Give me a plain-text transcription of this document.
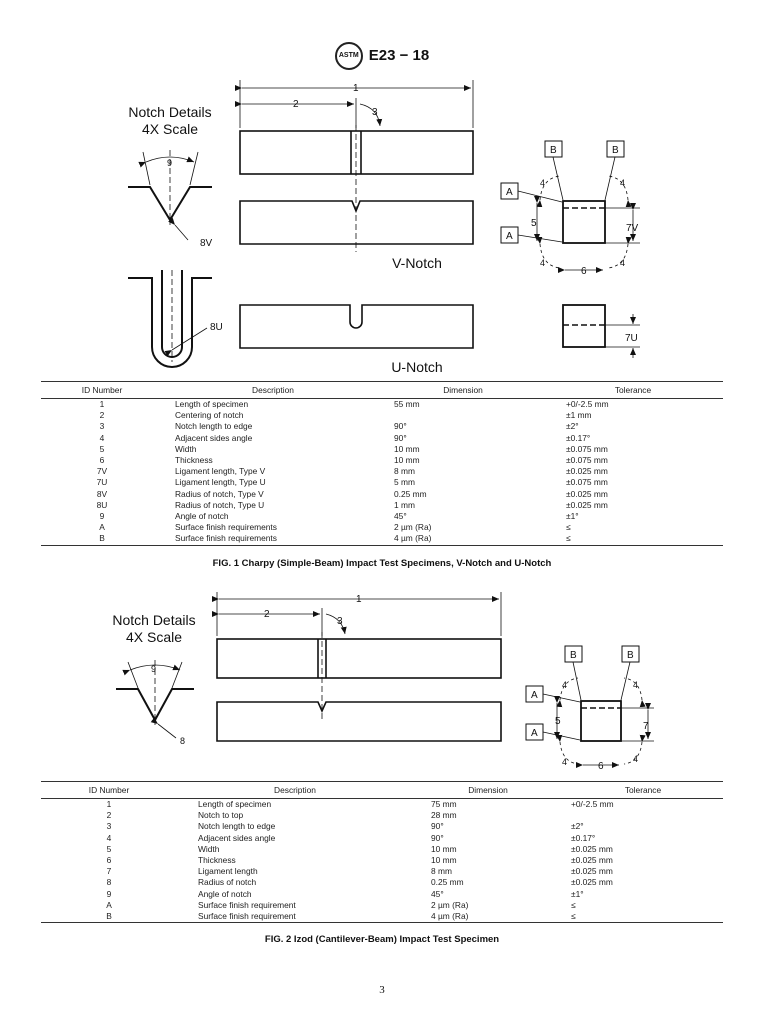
ASTM E23 − 18
Notch Details
4X Scale
9
8V
8U
1
2
3
V-Notch
U-Notch
B	B
A
A
4	4
4	4
5
6
7V
7U
ID Number	Description	Dimension	Tolerance
1	Length of specimen	55 mm	+0/-2.5 mm
2	Centering of notch		±1 mm
3	Notch length to edge	90°	±2°
4	Adjacent sides angle	90°	±0.17°
5	Width	10 mm	±0.075 mm
6	Thickness	10 mm	±0.075 mm
7V	Ligament length, Type V	8 mm	±0.025 mm
7U	Ligament length, Type U	5 mm	±0.075 mm
8V	Radius of notch, Type V	0.25 mm	±0.025 mm
8U	Radius of notch, Type U	1 mm	±0.025 mm
9	Angle of notch	45°	±1°
A	Surface finish requirements	2 µm (Ra)	≤
B	Surface finish requirements	4 µm (Ra)	≤
FIG. 1 Charpy (Simple-Beam) Impact Test Specimens, V-Notch and U-Notch
Notch Details
4X Scale
9
8
1
2
3
B	B
A
A
4	4
4	4
5
6
7
ID Number	Description	Dimension	Tolerance
1	Length of specimen	75 mm	+0/-2.5 mm
2	Notch to top	28 mm	
3	Notch length to edge	90°	±2°
4	Adjacent sides angle	90°	±0.17°
5	Width	10 mm	±0.025 mm
6	Thickness	10 mm	±0.025 mm
7	Ligament length	8 mm	±0.025 mm
8	Radius of notch	0.25 mm	±0.025 mm
9	Angle of notch	45°	±1°
A	Surface finish requirement	2 µm (Ra)	≤
B	Surface finish requirement	4 µm (Ra)	≤
FIG. 2 Izod (Cantilever-Beam) Impact Test Specimen
3
